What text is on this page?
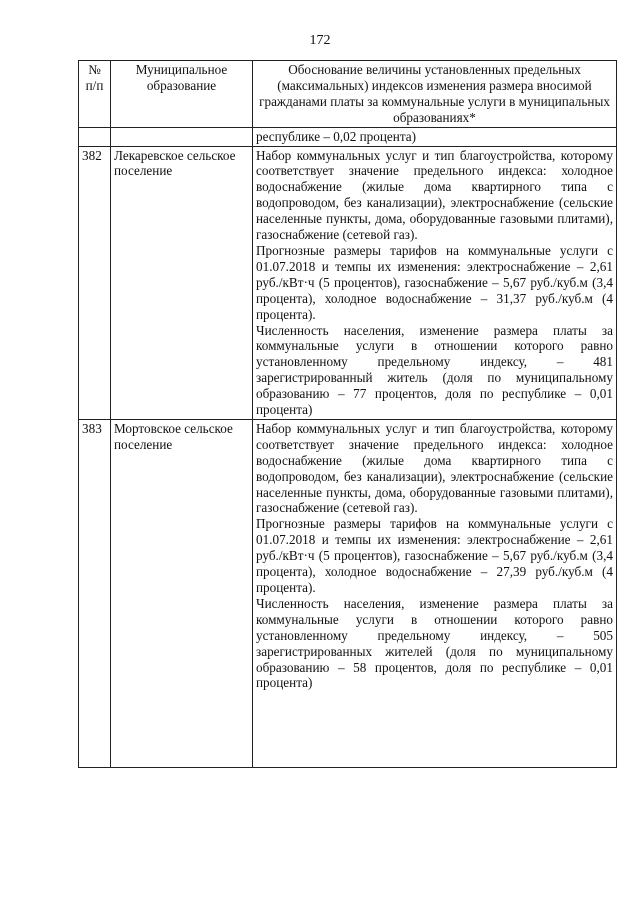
172
№ п/п	Муниципальное образование	Обоснование величины установленных предельных (максимальных) индексов изменения размера вносимой гражданами платы за коммунальные услуги в муниципальных образованиях*
		республике – 0,02 процента)
382	Лекаревское сельское поселение	Набор коммунальных услуг и тип благоустройства, которому соответствует значение предельного индекса: холодное водоснабжение (жилые дома квартирного типа с водопроводом, без канализации), электроснабжение (сельские населенные пункты, дома, оборудованные газовыми плитами), газоснабжение (сетевой газ).

Прогнозные размеры тарифов на коммунальные услуги с 01.07.2018 и темпы их изменения: электроснабжение – 2,61 руб./кВт·ч (5 процентов), газоснабжение – 5,67 руб./куб.м (3,4 процента), холодное водоснабжение – 31,37 руб./куб.м (4 процента).

Численность населения, изменение размера платы за коммунальные услуги в отношении которого равно установленному предельному индексу, – 481 зарегистрированный житель (доля по муниципальному образованию – 77 процентов, доля по республике – 0,01 процента)

383	Мортовское сельское поселение	Набор коммунальных услуг и тип благоустройства, которому соответствует значение предельного индекса: холодное водоснабжение (жилые дома квартирного типа с водопроводом, без канализации), электроснабжение (сельские населенные пункты, дома, оборудованные газовыми плитами), газоснабжение (сетевой газ).

Прогнозные размеры тарифов на коммунальные услуги с 01.07.2018 и темпы их изменения: электроснабжение – 2,61 руб./кВт·ч (5 процентов), газоснабжение – 5,67 руб./куб.м (3,4 процента), холодное водоснабжение – 27,39 руб./куб.м (4 процента).

Численность населения, изменение размера платы за коммунальные услуги в отношении которого равно установленному предельному индексу, – 505 зарегистрированных жителей (доля по муниципальному образованию – 58 процентов, доля по республике – 0,01 процента)
